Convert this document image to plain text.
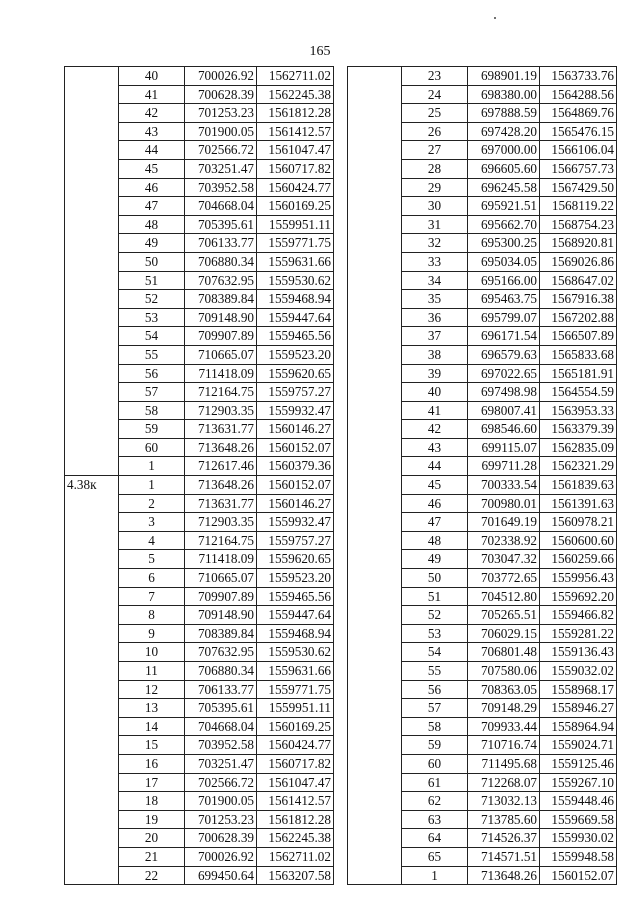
165
	40	700026.92	1562711.02
	41	700628.39	1562245.38
	42	701253.23	1561812.28
	43	701900.05	1561412.57
	44	702566.72	1561047.47
	45	703251.47	1560717.82
	46	703952.58	1560424.77
	47	704668.04	1560169.25
	48	705395.61	1559951.11
	49	706133.77	1559771.75
	50	706880.34	1559631.66
	51	707632.95	1559530.62
	52	708389.84	1559468.94
	53	709148.90	1559447.64
	54	709907.89	1559465.56
	55	710665.07	1559523.20
	56	711418.09	1559620.65
	57	712164.75	1559757.27
	58	712903.35	1559932.47
	59	713631.77	1560146.27
	60	713648.26	1560152.07
	1	712617.46	1560379.36
4.38к	1	713648.26	1560152.07
	2	713631.77	1560146.27
	3	712903.35	1559932.47
	4	712164.75	1559757.27
	5	711418.09	1559620.65
	6	710665.07	1559523.20
	7	709907.89	1559465.56
	8	709148.90	1559447.64
	9	708389.84	1559468.94
	10	707632.95	1559530.62
	11	706880.34	1559631.66
	12	706133.77	1559771.75
	13	705395.61	1559951.11
	14	704668.04	1560169.25
	15	703952.58	1560424.77
	16	703251.47	1560717.82
	17	702566.72	1561047.47
	18	701900.05	1561412.57
	19	701253.23	1561812.28
	20	700628.39	1562245.38
	21	700026.92	1562711.02
	22	699450.64	1563207.58
	23	698901.19	1563733.76
	24	698380.00	1564288.56
	25	697888.59	1564869.76
	26	697428.20	1565476.15
	27	697000.00	1566106.04
	28	696605.60	1566757.73
	29	696245.58	1567429.50
	30	695921.51	1568119.22
	31	695662.70	1568754.23
	32	695300.25	1568920.81
	33	695034.05	1569026.86
	34	695166.00	1568647.02
	35	695463.75	1567916.38
	36	695799.07	1567202.88
	37	696171.54	1566507.89
	38	696579.63	1565833.68
	39	697022.65	1565181.91
	40	697498.98	1564554.59
	41	698007.41	1563953.33
	42	698546.60	1563379.39
	43	699115.07	1562835.09
	44	699711.28	1562321.29
	45	700333.54	1561839.63
	46	700980.01	1561391.63
	47	701649.19	1560978.21
	48	702338.92	1560600.60
	49	703047.32	1560259.66
	50	703772.65	1559956.43
	51	704512.80	1559692.20
	52	705265.51	1559466.82
	53	706029.15	1559281.22
	54	706801.48	1559136.43
	55	707580.06	1559032.02
	56	708363.05	1558968.17
	57	709148.29	1558946.27
	58	709933.44	1558964.94
	59	710716.74	1559024.71
	60	711495.68	1559125.46
	61	712268.07	1559267.10
	62	713032.13	1559448.46
	63	713785.60	1559669.58
	64	714526.37	1559930.02
	65	714571.51	1559948.58
	1	713648.26	1560152.07
